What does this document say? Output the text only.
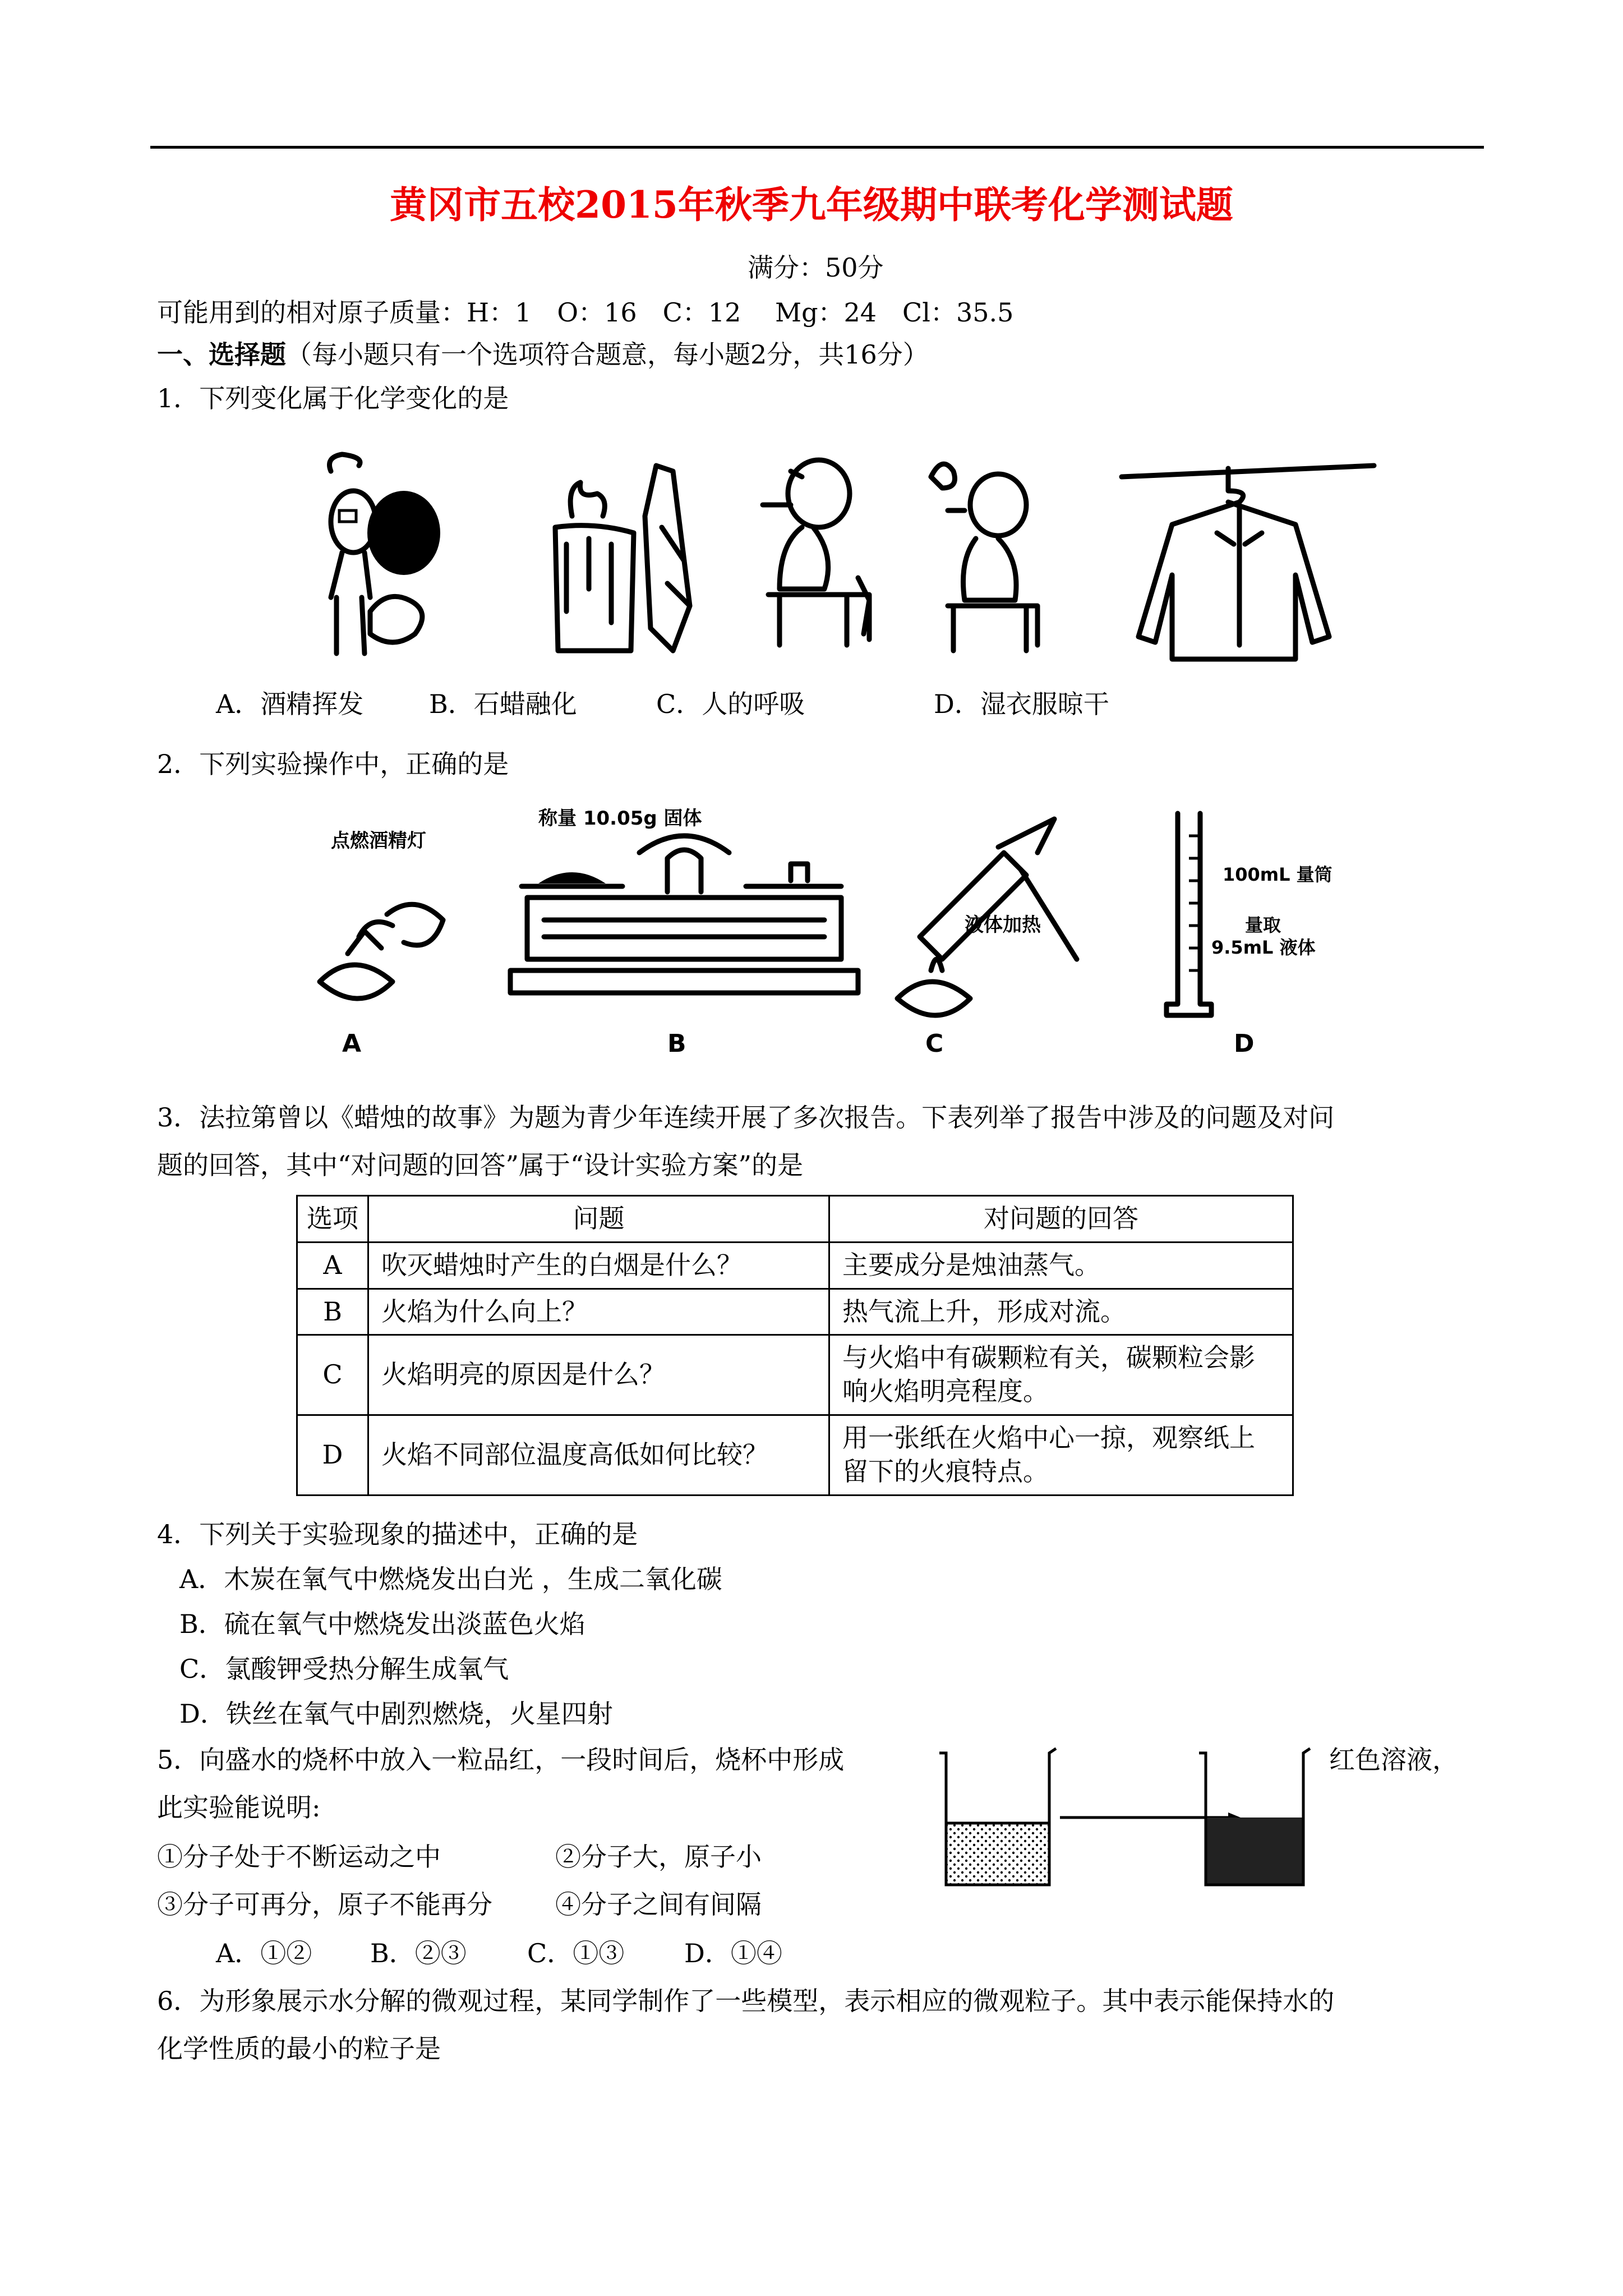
黄冈市五校2015年秋季九年级期中联考化学测试题
满分：50分
可能用到的相对原子质量：H：1　O：16　C：12　 Mg：24　Cl：35.5
一、选择题（每小题只有一个选项符合题意，每小题2分，共16分）
1．下列变化属于化学变化的是
A．酒精挥发	B．石蜡融化	C．人的呼吸	D．湿衣服晾干
2．下列实验操作中，正确的是
点燃酒精灯
A
称量 10.05g 固体
B
液体加热
C
100mL 量筒
量取
9.5mL 液体
D
3．法拉第曾以《蜡烛的故事》为题为青少年连续开展了多次报告。下表列举了报告中涉及的问题及对问
题的回答，其中“对问题的回答”属于“设计实验方案”的是
选项	问题	对问题的回答
A	吹灭蜡烛时产生的白烟是什么？	主要成分是烛油蒸气。
B	火焰为什么向上？	热气流上升，形成对流。
C	火焰明亮的原因是什么？	与火焰中有碳颗粒有关，碳颗粒会影响火焰明亮程度。
D	火焰不同部位温度高低如何比较？	用一张纸在火焰中心一掠，观察纸上留下的火痕特点。
4．下列关于实验现象的描述中，正确的是
A．木炭在氧气中燃烧发出白光 ，生成二氧化碳
B．硫在氧气中燃烧发出淡蓝色火焰
C．氯酸钾受热分解生成氧气
D．铁丝在氧气中剧烈燃烧，火星四射
5．向盛水的烧杯中放入一粒品红，一段时间后，烧杯中形成	红色溶液，
此实验能说明:
①分子处于不断运动之中	②分子大，原子小
③分子可再分，原子不能再分 ④分子之间有间隔
A．①② B．②③ C．①③ D．①④
6．为形象展示水分解的微观过程，某同学制作了一些模型，表示相应的微观粒子。其中表示能保持水的
化学性质的最小的粒子是
